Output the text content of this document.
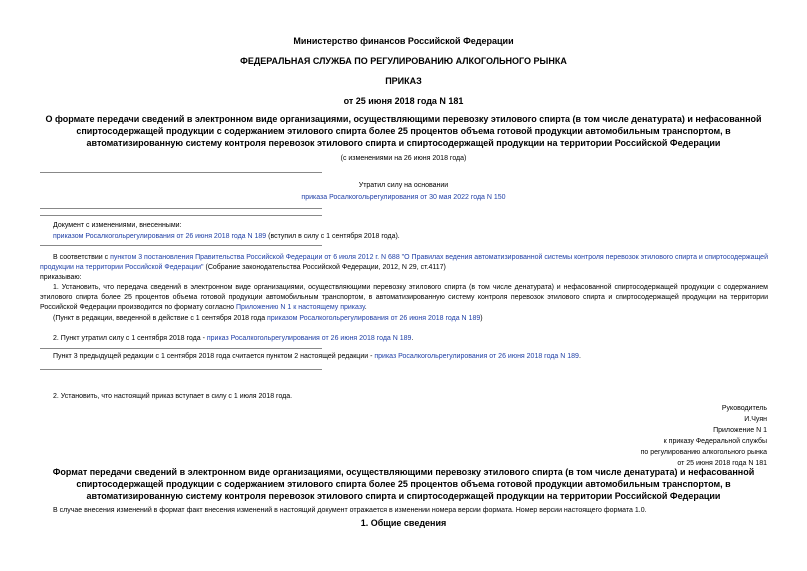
Министерство финансов Российской Федерации
ФЕДЕРАЛЬНАЯ СЛУЖБА ПО РЕГУЛИРОВАНИЮ АЛКОГОЛЬНОГО РЫНКА
ПРИКАЗ
от 25 июня 2018 года N 181
О формате передачи сведений в электронном виде организациями, осуществляющими перевозку этилового спирта (в том числе денатурата) и нефасованной спиртосодержащей продукции с содержанием этилового спирта более 25 процентов объема готовой продукции автомобильным транспортом, в автоматизированную систему контроля перевозок этилового спирта и спиртосодержащей продукции на территории Российской Федерации
(с изменениями на 26 июня 2018 года)
Утратил силу на основании
приказа Росалкогольрегулирования от 30 мая 2022 года N 150
Документ с изменениями, внесенными:
приказом Росалкогольрегулирования от 26 июня 2018 года N 189 (вступил в силу с 1 сентября 2018 года).
В соответствии с пунктом 3 постановления Правительства Российской Федерации от 6 июля 2012 г. N 688 "О Правилах ведения автоматизированной системы контроля перевозок этилового спирта и спиртосодержащей продукции на территории Российской Федерации" (Собрание законодательства Российской Федерации, 2012, N 29, ст.4117)
приказываю:
1. Установить, что передача сведений в электронном виде организациями, осуществляющими перевозку этилового спирта (в том числе денатурата) и нефасованной спиртосодержащей продукции с содержанием этилового спирта более 25 процентов объема готовой продукции автомобильным транспортом, в автоматизированную систему контроля перевозок этилового спирта и спиртосодержащей продукции на территории Российской Федерации производится по формату согласно Приложению N 1 к настоящему приказу.
(Пункт в редакции, введенной в действие с 1 сентября 2018 года приказом Росалкогольрегулирования от 26 июня 2018 года N 189)
2. Пункт утратил силу с 1 сентября 2018 года - приказ Росалкогольрегулирования от 26 июня 2018 года N 189.
Пункт 3 предыдущей редакции с 1 сентября 2018 года считается пунктом 2 настоящей редакции - приказ Росалкогольрегулирования от 26 июня 2018 года N 189.
2. Установить, что настоящий приказ вступает в силу с 1 июля 2018 года.
Руководитель
И.Чуян
Приложение N 1
к приказу Федеральной службы
по регулированию алкогольного рынка
от 25 июня 2018 года N 181
Формат передачи сведений в электронном виде организациями, осуществляющими перевозку этилового спирта (в том числе денатурата) и нефасованной спиртосодержащей продукции с содержанием этилового спирта более 25 процентов объема готовой продукции автомобильным транспортом, в автоматизированную систему контроля перевозок этилового спирта и спиртосодержащей продукции на территории Российской Федерации
В случае внесения изменений в формат факт внесения изменений в настоящий документ отражается в изменении номера версии формата. Номер версии настоящего формата 1.0.
1. Общие сведения
